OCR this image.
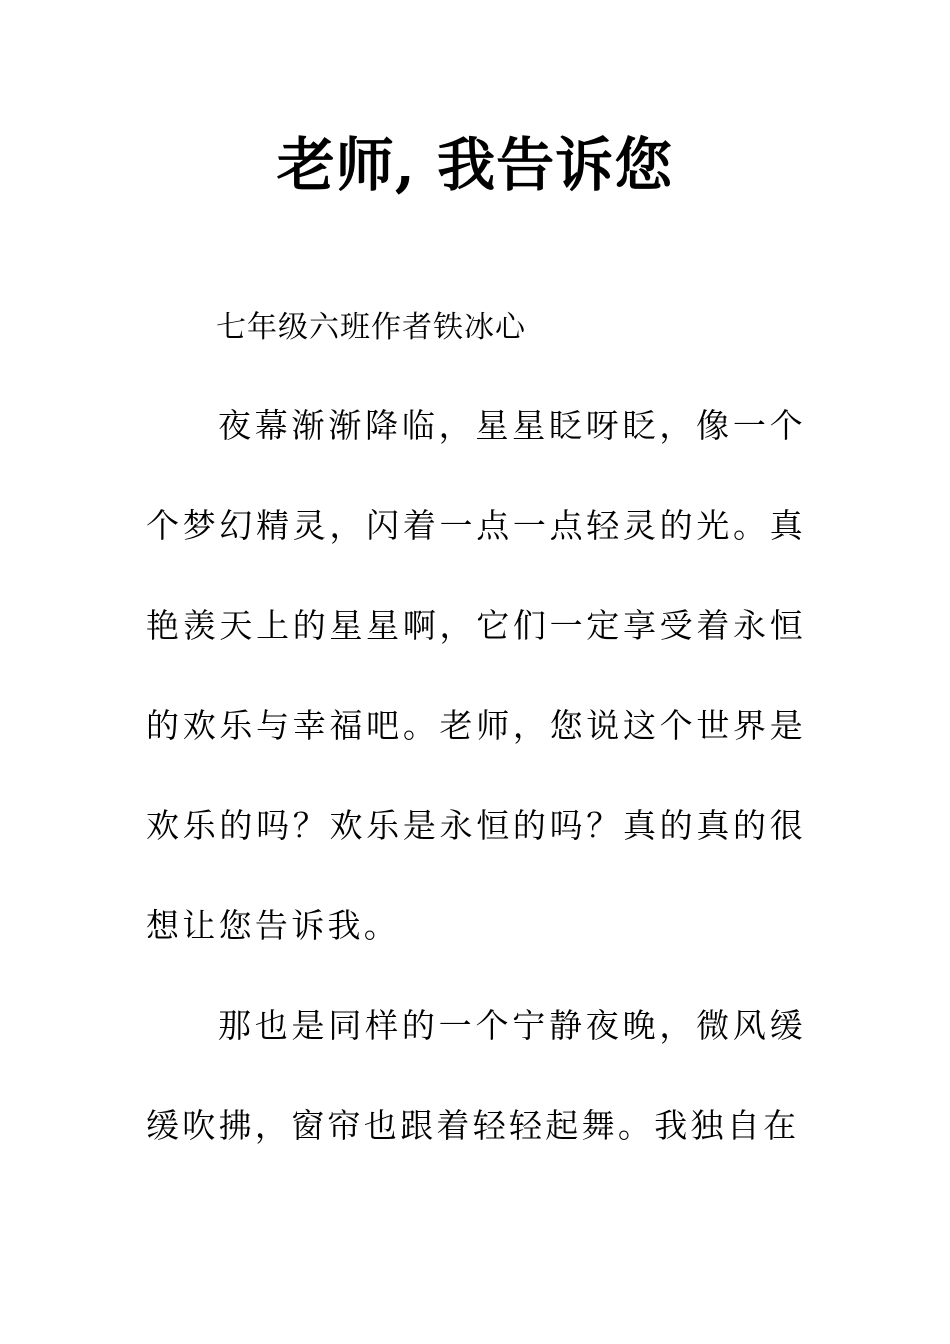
老师, 我告诉您
七年级六班作者铁冰心

夜幕渐渐降临，星星眨呀眨，像一个个梦幻精灵，闪着一点一点轻灵的光。真艳羡天上的星星啊，它们一定享受着永恒的欢乐与幸福吧。老师，您说这个世界是欢乐的吗？欢乐是永恒的吗？真的真的很想让您告诉我。

那也是同样的一个宁静夜晚，微风缓缓吹拂，窗帘也跟着轻轻起舞。我独自在
